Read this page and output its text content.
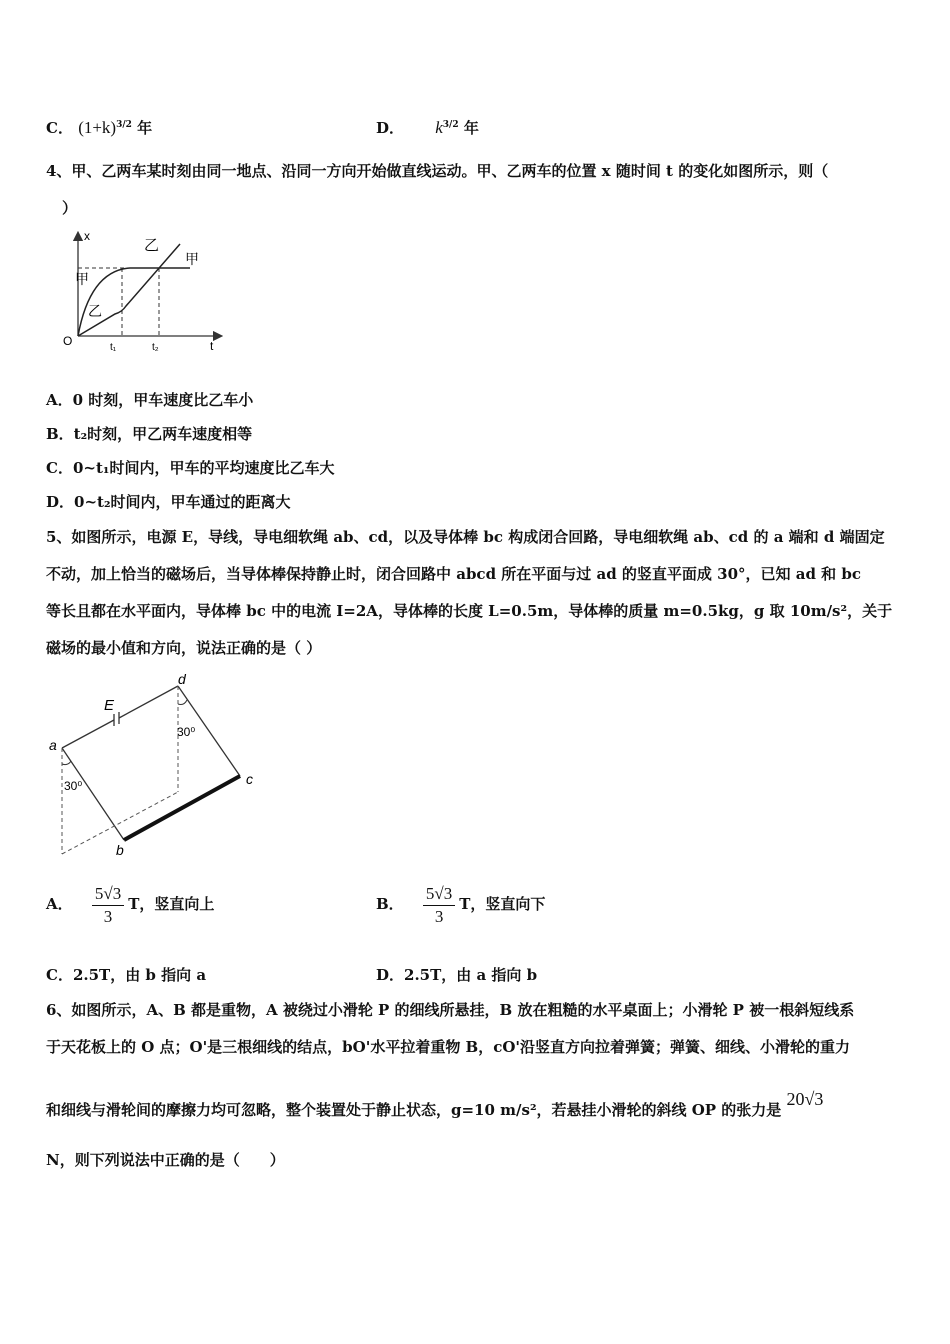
C． $(1+k)^{3/2}$ 年	D． $k^{3/2}$ 年
4、甲、乙两车某时刻由同一地点、沿同一方向开始做直线运动。甲、乙两车的位置 x 随时间 t 的变化如图所示，则（
）
x
t
O
乙
甲
甲
乙
t₁	t₂
A．0 时刻，甲车速度比乙车小
B．t₂时刻，甲乙两车速度相等
C．0~t₁时间内，甲车的平均速度比乙车大
D．0~t₂时间内，甲车通过的距离大
5、如图所示，电源 E，导线，导电细软绳 ab、cd，以及导体棒 bc 构成闭合回路，导电细软绳 ab、cd 的 a 端和 d 端固定
不动，加上恰当的磁场后，当导体棒保持静止时，闭合回路中 abcd 所在平面与过 ad 的竖直平面成 30°，已知 ad 和 bc
等长且都在水平面内，导体棒 bc 中的电流 I=2A，导体棒的长度 L=0.5m，导体棒的质量 m=0.5kg，g 取 10m/s²，关于
磁场的最小值和方向，说法正确的是（ ）
a
b
c
d
E
30⁰
30⁰
A． $\frac{5√3}{3}$ T，竖直向上	B． $\frac{5√3}{3}$ T，竖直向下
C．2.5T，由 b 指向 a	D．2.5T，由 a 指向 b
6、如图所示，A、B 都是重物，A 被绕过小滑轮 P 的细线所悬挂，B 放在粗糙的水平桌面上；小滑轮 P 被一根斜短线系
于天花板上的 O 点；O'是三根细线的结点，bO'水平拉着重物 B，cO'沿竖直方向拉着弹簧；弹簧、细线、小滑轮的重力
和细线与滑轮间的摩擦力均可忽略，整个装置处于静止状态，g=10 m/s²，若悬挂小滑轮的斜线 OP 的张力是 20√3
N，则下列说法中正确的是（　　）
